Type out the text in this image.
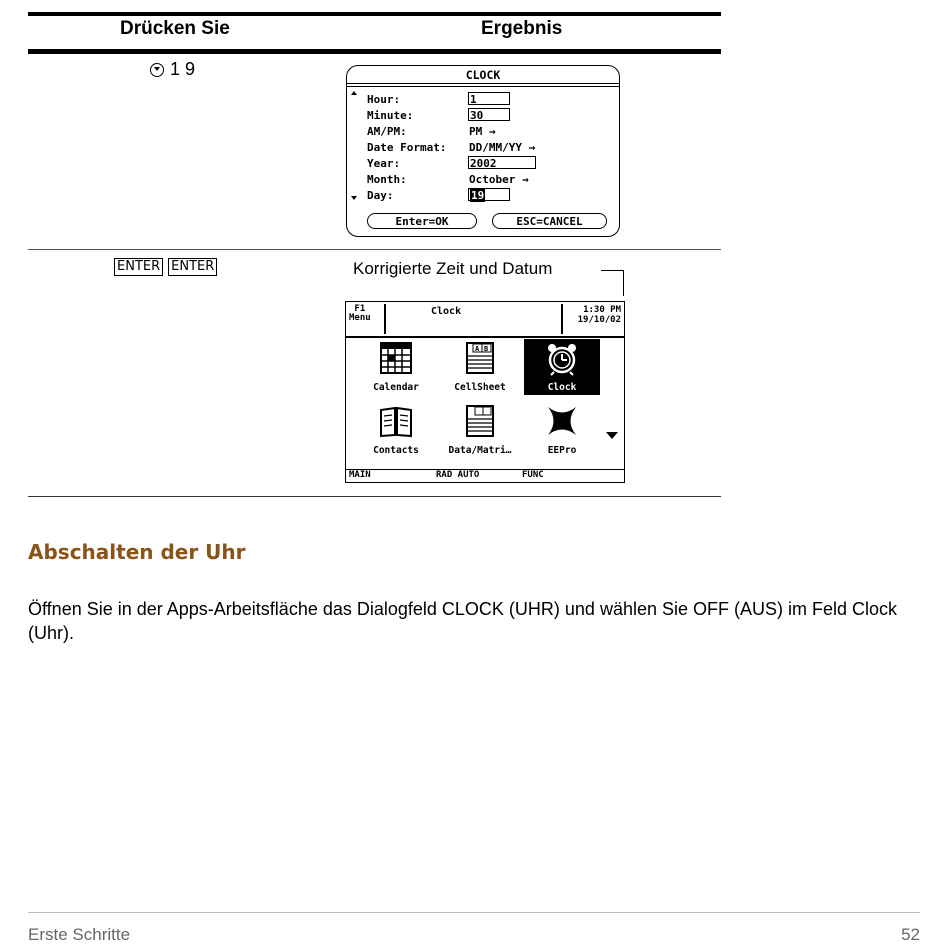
Drücken Sie	Ergebnis
1 9	CLOCK
Hour:	1
Minute:	30
AM/PM:	PM →
Date Format: DD/MM/YY →
Year:	2002
Month:	October →
Day:	19
Enter=OK	ESC=CANCEL
ENTER ENTER	Korrigierte Zeit und Datum
F1
Menu
Clock	1:30 PM
19/10/02
Calendar
A B
CellSheet	Clock
Contacts	Data/Matri…	EEPro
MAIN	RAD AUTO	FUNC
Abschalten der Uhr
Öffnen Sie in der Apps-Arbeitsfläche das Dialogfeld CLOCK (UHR) und wählen Sie OFF (AUS) im Feld Clock (Uhr).
Erste Schritte	52
